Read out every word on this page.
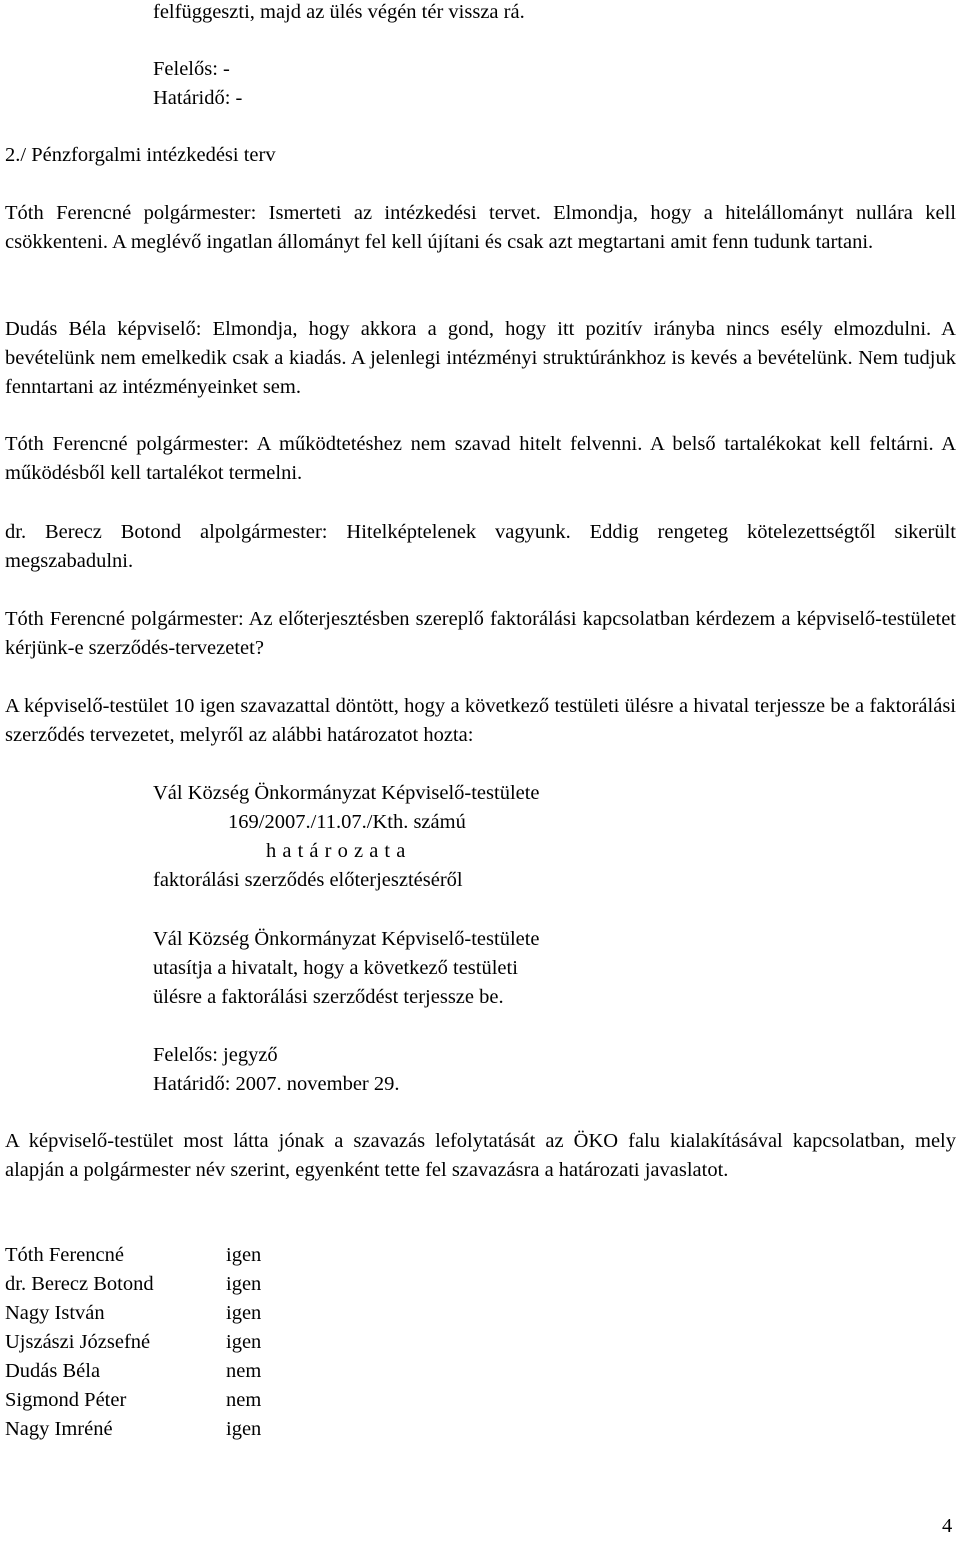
felfüggeszti, majd az ülés végén tér vissza rá.

Felelős: -

Határidő: -

2./ Pénzforgalmi intézkedési terv

Tóth Ferencné polgármester: Ismerteti az intézkedési tervet. Elmondja, hogy a hitelállományt nullára kell csökkenteni. A meglévő ingatlan állományt fel kell újítani és csak azt megtartani amit fenn tudunk tartani.

Dudás Béla képviselő: Elmondja, hogy akkora a gond, hogy itt pozitív irányba nincs esély elmozdulni. A bevételünk nem emelkedik csak a kiadás. A jelenlegi intézményi struktúránkhoz is kevés a bevételünk. Nem tudjuk fenntartani az intézményeinket sem.

Tóth Ferencné polgármester: A működtetéshez nem szavad hitelt felvenni. A belső tartalékokat kell feltárni. A működésből kell tartalékot termelni.

dr. Berecz Botond alpolgármester: Hitelképtelenek vagyunk. Eddig rengeteg kötelezettségtől sikerült megszabadulni.

Tóth Ferencné polgármester: Az előterjesztésben szereplő faktorálási kapcsolatban kérdezem a képviselő-testületet kérjünk-e szerződés-tervezetet?

A képviselő-testület 10 igen szavazattal döntött, hogy a következő testületi ülésre a hivatal terjessze be a faktorálási szerződés tervezetet, melyről az alábbi határozatot hozta:

Vál Község Önkormányzat Képviselő-testülete
169/2007./11.07./Kth. számú
h a t á r o z a t a
faktorálási szerződés előterjesztéséről
Vál Község Önkormányzat Képviselő-testülete
utasítja a hivatalt, hogy a következő testületi
ülésre a faktorálási szerződést terjessze be.
Felelős: jegyző
Határidő: 2007. november 29.

A képviselő-testület most látta jónak a szavazás lefolytatását az ÖKO falu kialakításával kapcsolatban, mely alapján a polgármester név szerint, egyenként tette fel szavazásra a határozati javaslatot.

Tóth Ferencné	igen
dr. Berecz Botond	igen
Nagy István	igen
Ujszászi Józsefné	igen
Dudás Béla	nem
Sigmond Péter	nem
Nagy Imréné	igen
4
